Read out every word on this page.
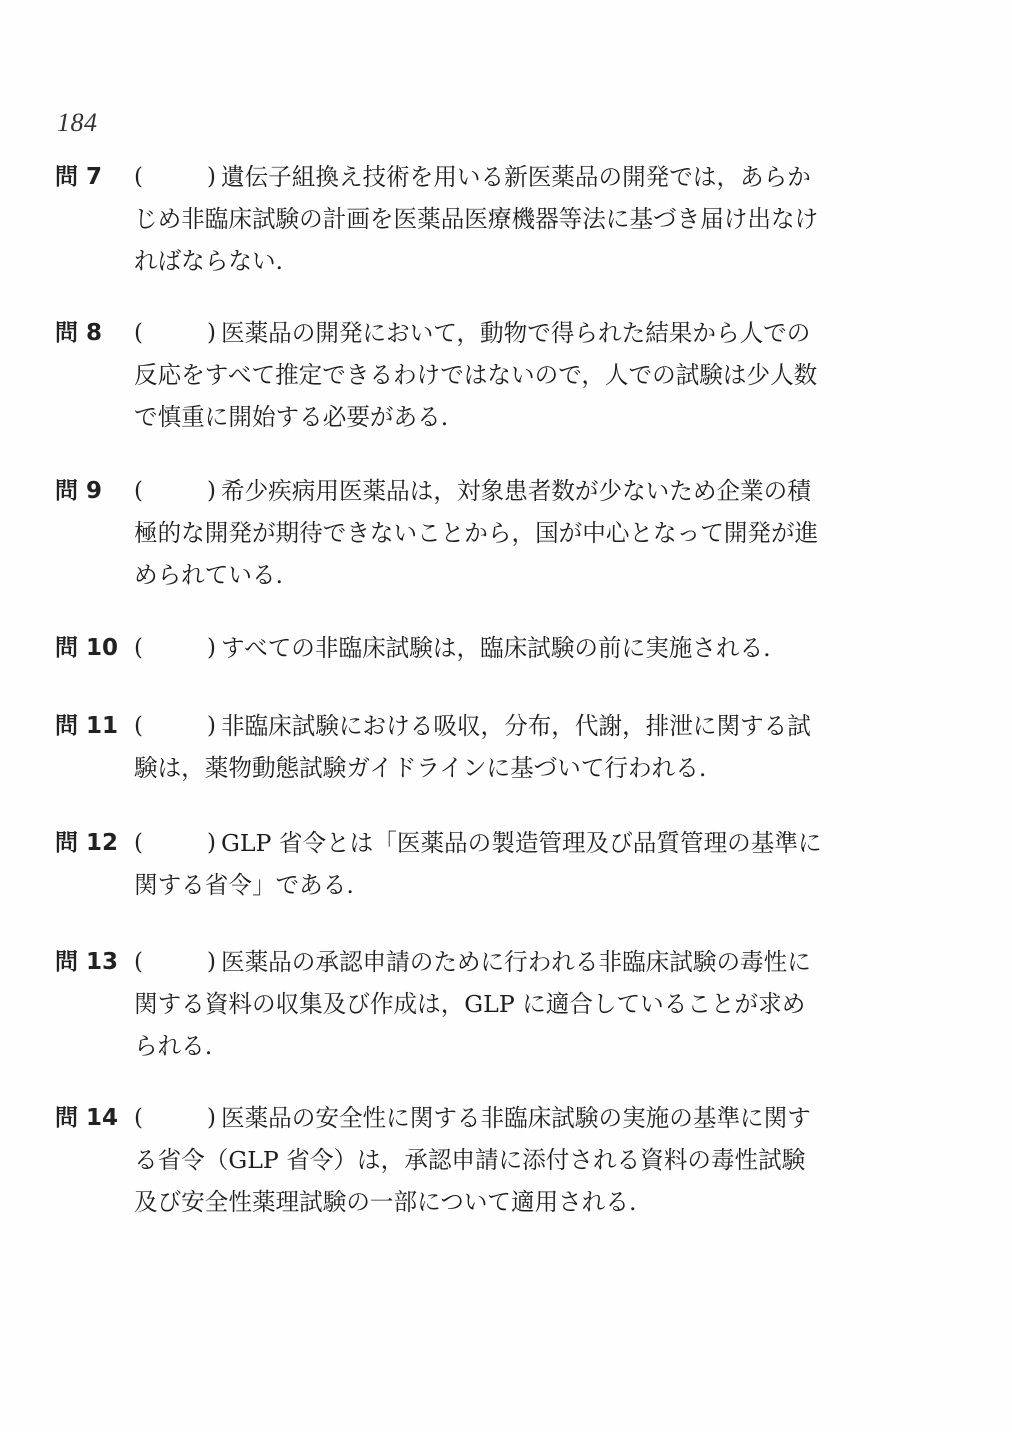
184
問 7 (	) 遺伝子組換え技術を用いる新医薬品の開発では，あらか
じめ非臨床試験の計画を医薬品医療機器等法に基づき届け出なけ
ればならない.
問 8 (	) 医薬品の開発において，動物で得られた結果から人での
反応をすべて推定できるわけではないので，人での試験は少人数
で慎重に開始する必要がある.
問 9 (	) 希少疾病用医薬品は，対象患者数が少ないため企業の積
極的な開発が期待できないことから，国が中心となって開発が進
められている.
問 10 (	) すべての非臨床試験は，臨床試験の前に実施される.
問 11 (	) 非臨床試験における吸収，分布，代謝，排泄に関する試
験は，薬物動態試験ガイドラインに基づいて行われる.
問 12 (	) GLP 省令とは「医薬品の製造管理及び品質管理の基準に
関する省令」である.
問 13 (	) 医薬品の承認申請のために行われる非臨床試験の毒性に
関する資料の収集及び作成は，GLP に適合していることが求め
られる.
問 14 (	) 医薬品の安全性に関する非臨床試験の実施の基準に関す
る省令（GLP 省令）は，承認申請に添付される資料の毒性試験
及び安全性薬理試験の一部について適用される.
